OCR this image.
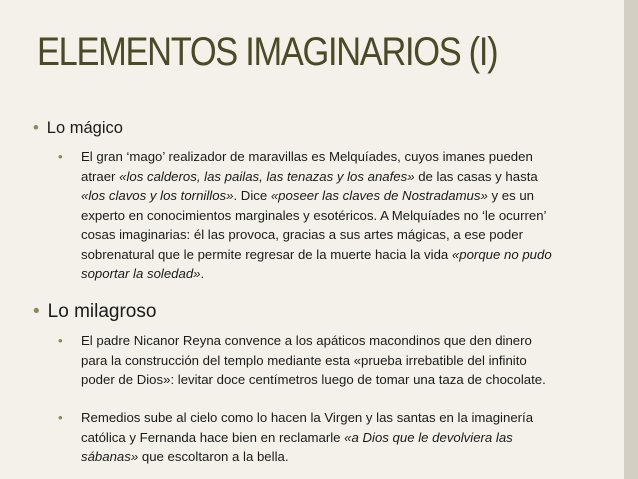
ELEMENTOS IMAGINARIOS (I)
• Lo mágico
• El gran ‘mago’ realizador de maravillas es Melquíades, cuyos imanes pueden atraer «los calderos, las pailas, las tenazas y los anafes» de las casas y hasta «los clavos y los tornillos». Dice «poseer las claves de Nostradamus» y es un experto en conocimientos marginales y esotéricos. A Melquíades no ‘le ocurren’ cosas imaginarias: él las provoca, gracias a sus artes mágicas, a ese poder sobrenatural que le permite regresar de la muerte hacia la vida «porque no pudo soportar la soledad».
• Lo milagroso
• El padre Nicanor Reyna convence a los apáticos macondinos que den dinero para la construcción del templo mediante esta «prueba irrebatible del infinito poder de Dios»: levitar doce centímetros luego de tomar una taza de chocolate.
• Remedios sube al cielo como lo hacen la Virgen y las santas en la imaginería católica y Fernanda hace bien en reclamarle «a Dios que le devolviera las sábanas» que escoltaron a la bella.
